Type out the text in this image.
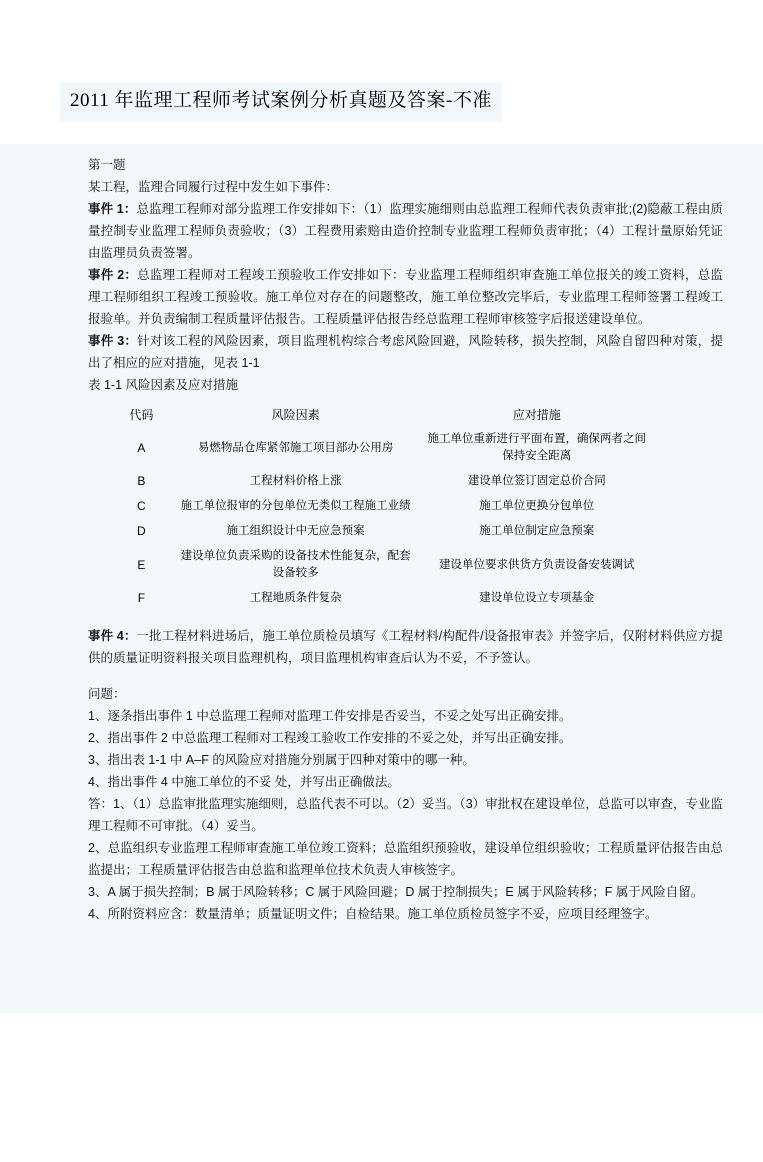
2011 年监理工程师考试案例分析真题及答案-不准

第一题

某工程，监理合同履行过程中发生如下事件：

事件 1：总监理工程师对部分监理工作安排如下：（1）监理实施细则由总监理工程师代表负责审批;(2)隐蔽工程由质量控制专业监理工程师负责验收；（3）工程费用索赔由造价控制专业监理工程师负责审批；（4）工程计量原始凭证由监理员负责签署。

事件 2：总监理工程师对工程竣工预验收工作安排如下：专业监理工程师组织审查施工单位报关的竣工资料，总监理工程师组织工程竣工预验收。施工单位对存在的问题整改，施工单位整改完毕后，专业监理工程师签署工程竣工报验单。并负责编制工程质量评估报告。工程质量评估报告经总监理工程师审核签字后报送建设单位。

事件 3：针对该工程的风险因素，项目监理机构综合考虑风险回避，风险转移，损失控制，风险自留四种对策，提出了相应的应对措施，见表 1-1

表 1-1 风险因素及应对措施

代码	风险因素	应对措施
A	易燃物品仓库紧邻施工项目部办公用房	施工单位重新进行平面布置，确保两者之间保持安全距离
B	工程材料价格上涨	建设单位签订固定总价合同
C	施工单位报审的分包单位无类似工程施工业绩	施工单位更换分包单位
D	施工组织设计中无应急预案	施工单位制定应急预案
E	建设单位负责采购的设备技术性能复杂，配套设备较多	建设单位要求供货方负责设备安装调试
F	工程地质条件复杂	建设单位设立专项基金

事件 4：一批工程材料进场后，施工单位质检员填写《工程材料/构配件/设备报审表》并签字后，仅附材料供应方提供的质量证明资料报关项目监理机构，项目监理机构审查后认为不妥，不予签认。

问题：

1、逐条指出事件 1 中总监理工程师对监理工件安排是否妥当，不妥之处写出正确安排。

2、指出事件 2 中总监理工程师对工程竣工验收工作安排的不妥之处，并写出正确安排。

3、指出表 1-1 中 A–F 的风险应对措施分别属于四种对策中的哪一种。

4、指出事件 4 中施工单位的不妥 处，并写出正确做法。

答：1、（1）总监审批监理实施细则，总监代表不可以。（2）妥当。（3）审批权在建设单位，总监可以审查，专业监理工程师不可审批。（4）妥当。

2、总监组织专业监理工程师审查施工单位竣工资料；总监组织预验收，建设单位组织验收；工程质量评估报告由总监提出；工程质量评估报告由总监和监理单位技术负责人审核签字。

3、A 属于损失控制；B 属于风险转移；C 属于风险回避；D 属于控制损失；E 属于风险转移；F 属于风险自留。

4、所附资料应含：数量清单；质量证明文件；自检结果。施工单位质检员签字不妥，应项目经理签字。
